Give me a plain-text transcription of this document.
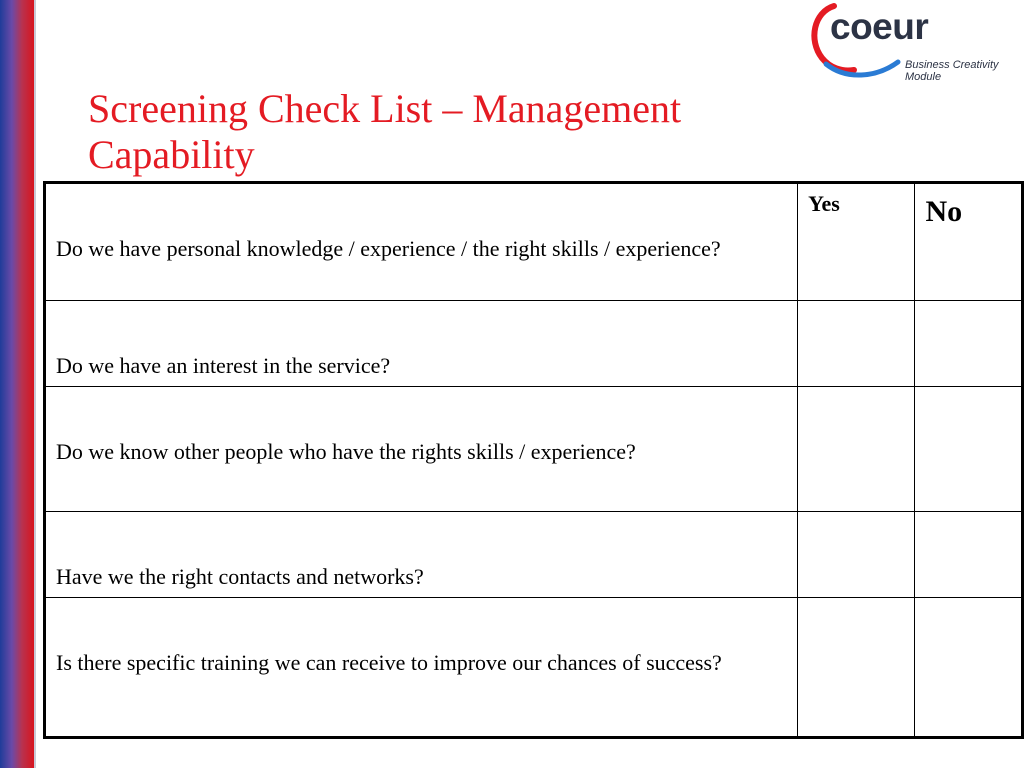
coeur
Business Creativity
Module
Screening Check List – Management Capability
Do we have personal knowledge / experience / the right skills / experience?	Yes	No

Do we have an interest in the service?		

Do we know other people who have the rights skills / experience?		

Have we the right contacts and networks?		

Is there specific training we can receive to improve our chances of success?		
